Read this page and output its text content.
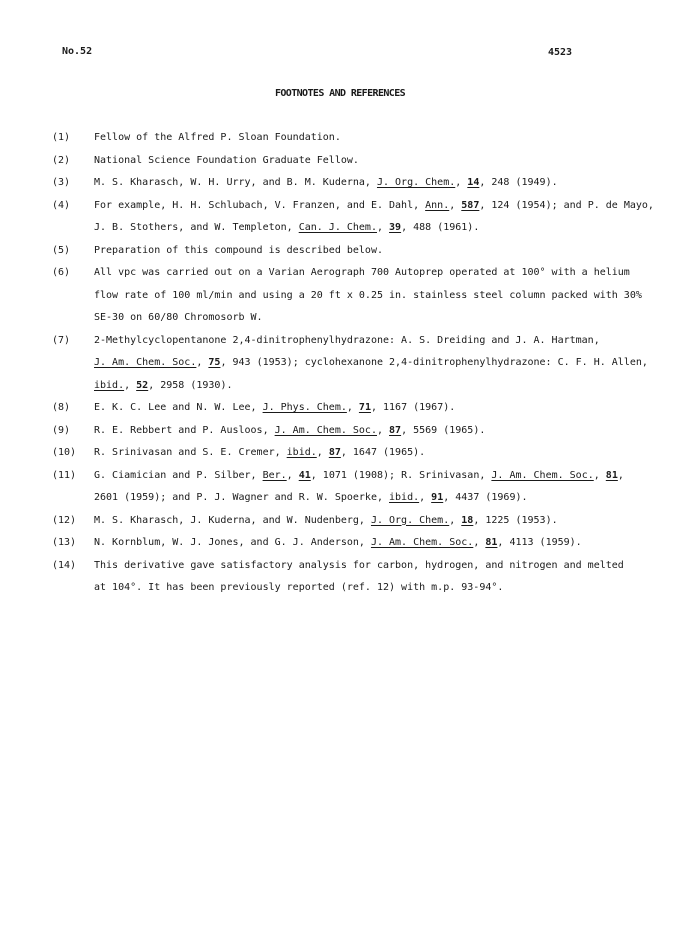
No.52	4523
FOOTNOTES AND REFERENCES
(1)	Fellow of the Alfred P. Sloan Foundation.
(2)	National Science Foundation Graduate Fellow.
(3)	M. S. Kharasch, W. H. Urry, and B. M. Kuderna, J. Org. Chem., 14, 248 (1949).
(4)	For example, H. H. Schlubach, V. Franzen, and E. Dahl, Ann., 587, 124 (1954); and P. de Mayo,
J. B. Stothers, and W. Templeton, Can. J. Chem., 39, 488 (1961).
(5)	Preparation of this compound is described below.
(6)	All vpc was carried out on a Varian Aerograph 700 Autoprep operated at 100° with a helium
flow rate of 100 ml/min and using a 20 ft x 0.25 in. stainless steel column packed with 30%
SE-30 on 60/80 Chromosorb W.
(7)	2-Methylcyclopentanone 2,4-dinitrophenylhydrazone: A. S. Dreiding and J. A. Hartman,
J. Am. Chem. Soc., 75, 943 (1953); cyclohexanone 2,4-dinitrophenylhydrazone: C. F. H. Allen,
ibid., 52, 2958 (1930).
(8)	E. K. C. Lee and N. W. Lee, J. Phys. Chem., 71, 1167 (1967).
(9)	R. E. Rebbert and P. Ausloos, J. Am. Chem. Soc., 87, 5569 (1965).
(10)	R. Srinivasan and S. E. Cremer, ibid., 87, 1647 (1965).
(11)	G. Ciamician and P. Silber, Ber., 41, 1071 (1908); R. Srinivasan, J. Am. Chem. Soc., 81,
2601 (1959); and P. J. Wagner and R. W. Spoerke, ibid., 91, 4437 (1969).
(12)	M. S. Kharasch, J. Kuderna, and W. Nudenberg, J. Org. Chem., 18, 1225 (1953).
(13)	N. Kornblum, W. J. Jones, and G. J. Anderson, J. Am. Chem. Soc., 81, 4113 (1959).
(14)	This derivative gave satisfactory analysis for carbon, hydrogen, and nitrogen and melted
at 104°. It has been previously reported (ref. 12) with m.p. 93-94°.
